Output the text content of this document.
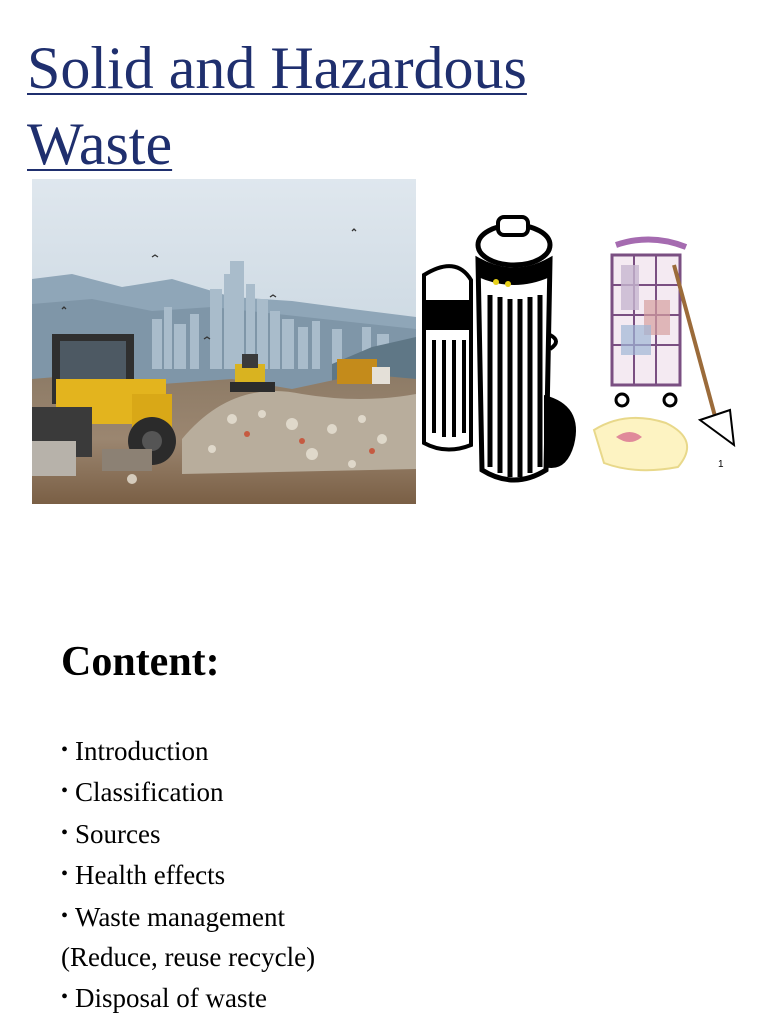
Solid and Hazardous
Waste
1
Content:
• Introduction
• Classification
• Sources
• Health effects
• Waste management
(Reduce, reuse recycle)
• Disposal of waste
